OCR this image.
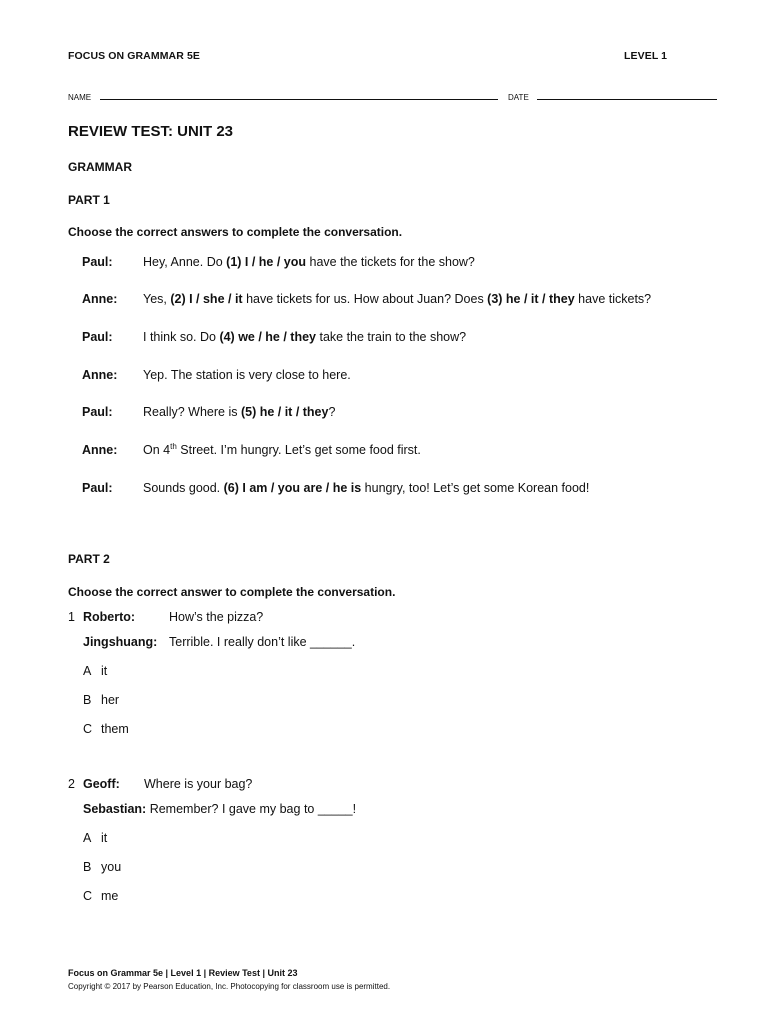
FOCUS ON GRAMMAR 5E	LEVEL 1
NAME	DATE
REVIEW TEST: UNIT 23
GRAMMAR
PART 1
Choose the correct answers to complete the conversation.
Paul: Hey, Anne. Do (1) I / he / you have the tickets for the show?
Anne: Yes, (2) I / she / it have tickets for us. How about Juan? Does (3) he / it / they have tickets?
Paul: I think so. Do (4) we / he / they take the train to the show?
Anne: Yep. The station is very close to here.
Paul: Really? Where is (5) he / it / they?
Anne: On 4th Street. I’m hungry. Let’s get some food first.
Paul: Sounds good. (6) I am / you are / he is hungry, too! Let’s get some Korean food!
PART 2
Choose the correct answer to complete the conversation.
1 Roberto:	How’s the pizza?
Jingshuang: Terrible. I really don’t like ______.
A it
B her
C them
2 Geoff: Where is your bag?
Sebastian: Remember? I gave my bag to _____!
A it
B you
C me
Focus on Grammar 5e | Level 1 | Review Test | Unit 23
Copyright © 2017 by Pearson Education, Inc. Photocopying for classroom use is permitted.
